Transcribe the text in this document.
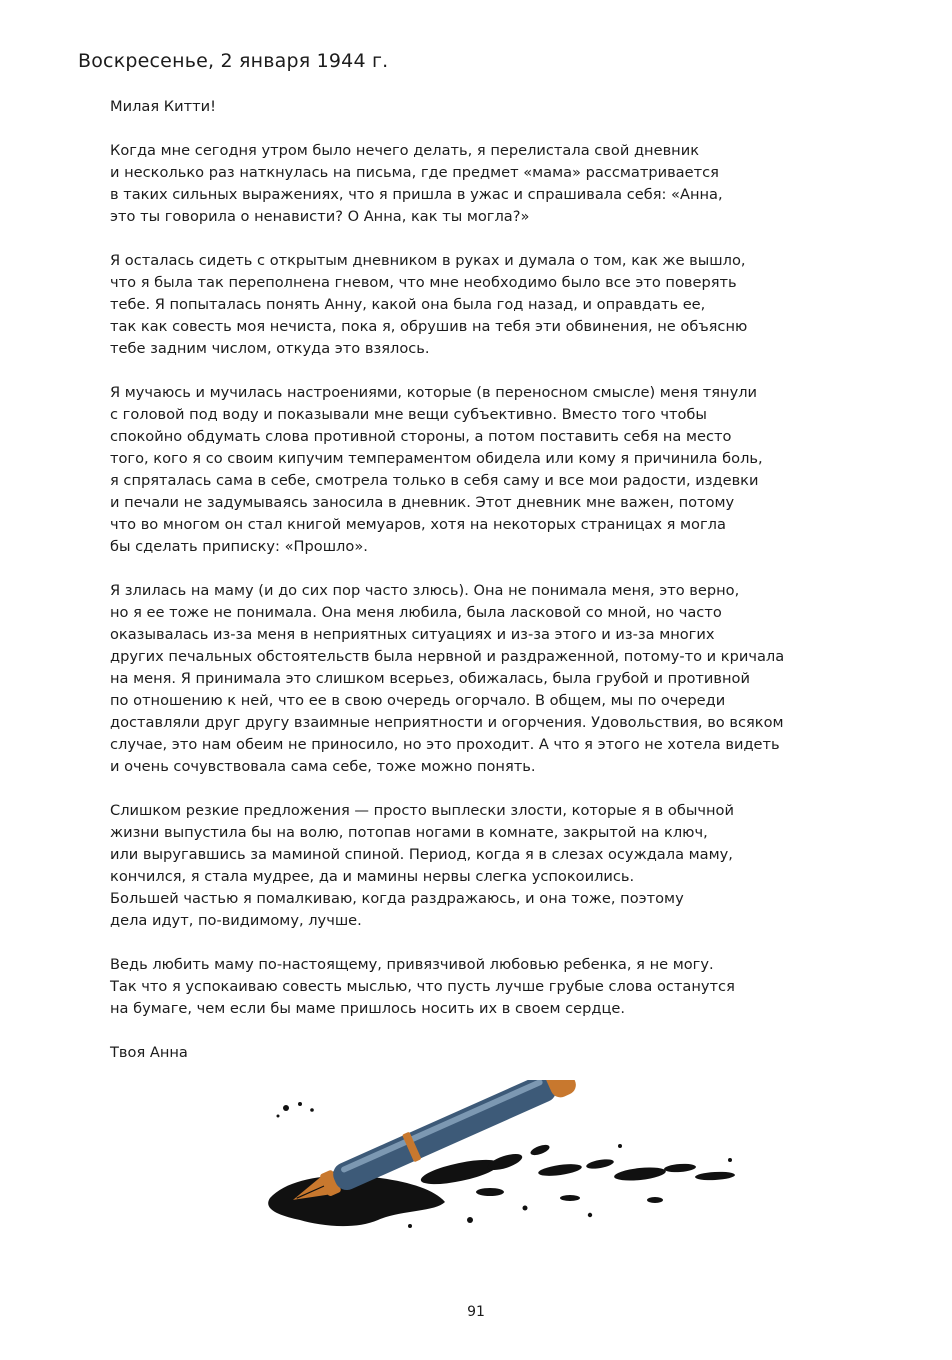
Воскресенье, 2 января 1944 г.
Милая Китти!
Когда мне сегодня утром было нечего делать, я перелистала свой дневник
и несколько раз наткнулась на письма, где предмет «мама» рассматривается
в таких сильных выражениях, что я пришла в ужас и спрашивала себя: «Анна,
это ты говорила о ненависти? О Анна, как ты могла?»
Я осталась сидеть с открытым дневником в руках и думала о том, как же вышло,
что я была так переполнена гневом, что мне необходимо было все это поверять
тебе. Я попыталась понять Анну, какой она была год назад, и оправдать ее,
так как совесть моя нечиста, пока я, обрушив на тебя эти обвинения, не объясню
тебе задним числом, откуда это взялось.
Я мучаюсь и мучилась настроениями, которые (в переносном смысле) меня тянули
с головой под воду и показывали мне вещи субъективно. Вместо того чтобы
спокойно обдумать слова противной стороны, а потом поставить себя на место
того, кого я со своим кипучим темпераментом обидела или кому я причинила боль,
я спряталась сама в себе, смотрела только в себя саму и все мои радости, издевки
и печали не задумываясь заносила в дневник. Этот дневник мне важен, потому
что во многом он стал книгой мемуаров, хотя на некоторых страницах я могла
бы сделать приписку: «Прошло».
Я злилась на маму (и до сих пор часто злюсь). Она не понимала меня, это верно,
но я ее тоже не понимала. Она меня любила, была ласковой со мной, но часто
оказывалась из-за меня в неприятных ситуациях и из-за этого и из-за многих
других печальных обстоятельств была нервной и раздраженной, потому-то и кричала
на меня. Я принимала это слишком всерьез, обижалась, была грубой и противной
по отношению к ней, что ее в свою очередь огорчало. В общем, мы по очереди
доставляли друг другу взаимные неприятности и огорчения. Удовольствия, во всяком
случае, это нам обеим не приносило, но это проходит. А что я этого не хотела видеть
и очень сочувствовала сама себе, тоже можно понять.
Слишком резкие предложения — просто выплески злости, которые я в обычной
жизни выпустила бы на волю, потопав ногами в комнате, закрытой на ключ,
или выругавшись за маминой спиной. Период, когда я в слезах осуждала маму,
кончился, я стала мудрее, да и мамины нервы слегка успокоились.
Большей частью я помалкиваю, когда раздражаюсь, и она тоже, поэтому
дела идут, по-видимому, лучше.
Ведь любить маму по-настоящему, привязчивой любовью ребенка, я не могу.
Так что я успокаиваю совесть мыслью, что пусть лучше грубые слова останутся
на бумаге, чем если бы маме пришлось носить их в своем сердце.
Твоя Анна
91
